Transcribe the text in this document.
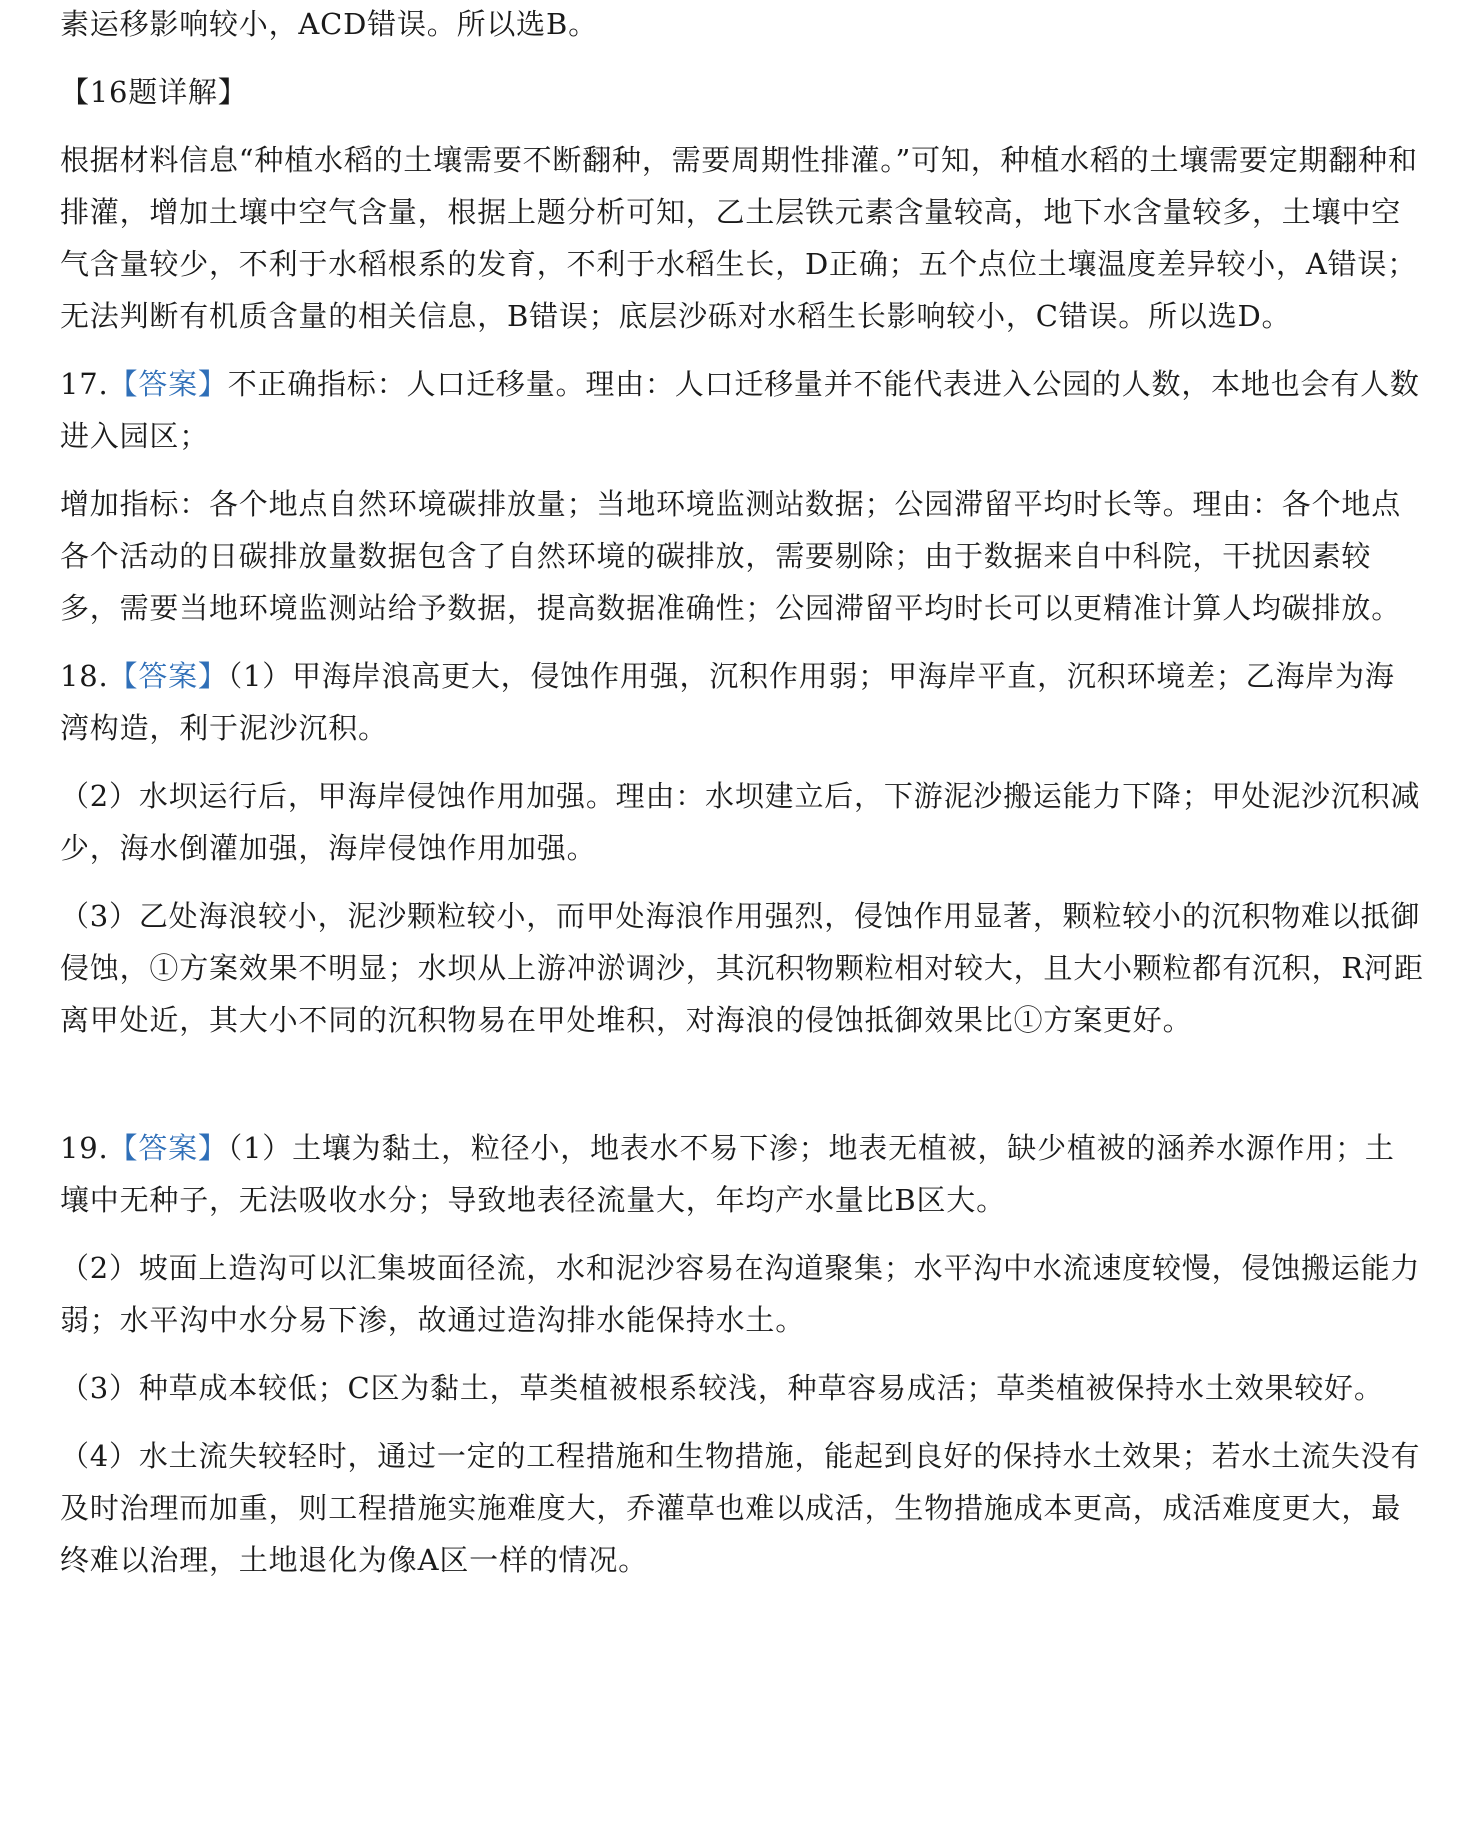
素运移影响较小，ACD错误。所以选B。

【16题详解】

根据材料信息“种植水稻的土壤需要不断翻种，需要周期性排灌。”可知，种植水稻的土壤需要定期翻种和排灌，增加土壤中空气含量，根据上题分析可知，乙土层铁元素含量较高，地下水含量较多，土壤中空气含量较少，不利于水稻根系的发育，不利于水稻生长，D正确；五个点位土壤温度差异较小，A错误；无法判断有机质含量的相关信息，B错误；底层沙砾对水稻生长影响较小，C错误。所以选D。

17.【答案】不正确指标：人口迁移量。理由：人口迁移量并不能代表进入公园的人数，本地也会有人数进入园区；

增加指标：各个地点自然环境碳排放量；当地环境监测站数据；公园滞留平均时长等。理由：各个地点各个活动的日碳排放量数据包含了自然环境的碳排放，需要剔除；由于数据来自中科院，干扰因素较多，需要当地环境监测站给予数据，提高数据准确性；公园滞留平均时长可以更精准计算人均碳排放。

18.【答案】（1）甲海岸浪高更大，侵蚀作用强，沉积作用弱；甲海岸平直，沉积环境差；乙海岸为海湾构造，利于泥沙沉积。

（2）水坝运行后，甲海岸侵蚀作用加强。理由：水坝建立后，下游泥沙搬运能力下降；甲处泥沙沉积减少，海水倒灌加强，海岸侵蚀作用加强。

（3）乙处海浪较小，泥沙颗粒较小，而甲处海浪作用强烈，侵蚀作用显著，颗粒较小的沉积物难以抵御侵蚀，①方案效果不明显；水坝从上游冲淤调沙，其沉积物颗粒相对较大，且大小颗粒都有沉积，R河距离甲处近，其大小不同的沉积物易在甲处堆积，对海浪的侵蚀抵御效果比①方案更好。

19.【答案】（1）土壤为黏土，粒径小，地表水不易下渗；地表无植被，缺少植被的涵养水源作用；土壤中无种子，无法吸收水分；导致地表径流量大，年均产水量比B区大。

（2）坡面上造沟可以汇集坡面径流，水和泥沙容易在沟道聚集；水平沟中水流速度较慢，侵蚀搬运能力弱；水平沟中水分易下渗，故通过造沟排水能保持水土。

（3）种草成本较低；C区为黏土，草类植被根系较浅，种草容易成活；草类植被保持水土效果较好。

（4）水土流失较轻时，通过一定的工程措施和生物措施，能起到良好的保持水土效果；若水土流失没有及时治理而加重，则工程措施实施难度大，乔灌草也难以成活，生物措施成本更高，成活难度更大，最终难以治理，土地退化为像A区一样的情况。
